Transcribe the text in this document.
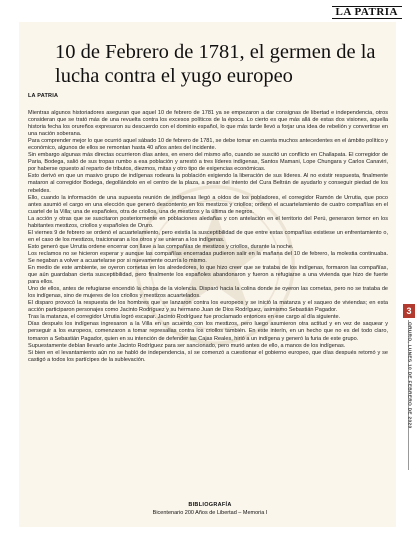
LA PATRIA
10 de Febrero de 1781, el germen de la lucha contra el yugo europeo

LA PATRIA

Mientras algunos historiadores aseguran que aquel 10 de febrero de 1781 ya se empezaron a dar consignas de libertad e independencia, otros consideran que se trató más de una revuelta contra los excesos políticos de la época. Lo cierto es que más allá de estas dos visiones, aquella historia fecha los orureños expresaron su descuerdo con el dominio español, lo que más tarde llevó a forjar una idea de rebelión y convertirse en una nación soberana.

Para comprender mejor lo que ocurrió aquel sábado 10 de febrero de 1781, se debe tomar en cuenta muchos antecedentes en el ámbito político y económico, algunos de ellos se remontan hasta 40 años antes del incidente.

Sin embargo algunas más directas ocurrieron días antes, en enero del mismo año, cuando se suscitó un conflicto en Challapata. El corregidor de Paria, Bodega, salió de sus tropas rumbo a esa población y arrestó a tres líderes indígenas, Santos Mamani, Lope Chungara y Carlos Canaviri, por haberse opuesto al reparto de tributos, diezmos, mitas y otro tipo de exigencias económicas.

Esto derivó en que un masivo grupo de indígenas rodeara la población exigiendo la liberación de sus líderes. Al no existir respuesta, finalmente mataron al corregidor Bodega, degollándolo en el centro de la plaza, a pesar del intento del Cura Beltrán de ayudarlo y conseguir piedad de los rebeldes.

Ello, cuando la información de una supuesta reunión de indígenas llegó a oídos de los pobladores, el corregidor Ramón de Urrutia, que poco antes asumió el cargo en una elección que generó descontento en los mestizos y criollos; ordenó el acuartelamiento de cuatro compañías en el cuartel de la Villa; una de españoles, otra de criollos, una de mestizos y la última de negros.

La acción y otras que se suscitaron posteriormente en poblaciones aledañas y con antelación en el territorio del Perú, generaron temor en los habitantes mestizos, criollos y españoles de Oruro.

El viernes 9 de febrero se ordenó el acuartelamiento, pero existía la susceptibilidad de que entre estas compañías existiese un enfrentamiento o, en el caso de los mestizos, traicionaran a los otros y se unieran a los indígenas.

Esto generó que Urrutia ordene encerrar con llave a las compañías de mestizos y criollos, durante la noche.

Los reclamos no se hicieron esperar y aunque las compañías encerradas pudieron salir en la mañana del 10 de febrero, la molestia continuaba. Se negaban a volver a acuartelarse por si nuevamente ocurría lo mismo.

En medio de este ambiente, se oyeron cornetas en los alrededores, lo que hizo creer que se trataba de los indígenas, formaron las compañías, que aún guardaban cierta susceptibilidad, pero finalmente los españoles abandonaron y fueron a refugiarse a una vivienda que hizo de fuerte para ellos.

Uno de ellos, antes de refugiarse encendió la chispa de la violencia. Disparó hacia la colina donde se oyeron las cornetas, pero no se trataba de los indígenas, sino de mujeres de los criollos y mestizos acuartelados.

El disparo provocó la respuesta de los hombres que se lanzaron contra los europeos y se inició la matanza y el saqueo de viviendas; en esta acción participaron personajes como Jacinto Rodríguez y su hermano Juan de Dios Rodríguez, asimismo Sebastián Pagador.

Tras la matanza, el corregidor Urrutia logró escapar. Jacinto Rodríguez fue proclamado entonces en ese cargo al día siguiente.

Días después los indígenas ingresaron a la Villa en un acuerdo con los mestizos, pero luego asumieron otra actitud y en vez de saquear y perseguir a los europeos, comenzaron a tomar represalias contra los criollos también. En este interín, en un hecho que no es del todo claro, tomaron a Sebastián Pagador, quien en su intención de defender las Cajas Reales, hirió a un indígena y generó la furia de este grupo.

Supuestamente debían llevarlo ante Jacinto Rodríguez para ser sancionado, pero murió antes de ello, a manos de los indígenas.

Si bien en el levantamiento aún no se habló de independencia, sí se comenzó a cuestionar el gobierno europeo, que días después retomó y se castigó a todos los partícipes de la sublevación.

BIBLIOGRAFÍA

Bicentenario 200 Años de Libertad – Memoria I

3
ORURO, LUNES 10 DE FEBRERO DE 2020
